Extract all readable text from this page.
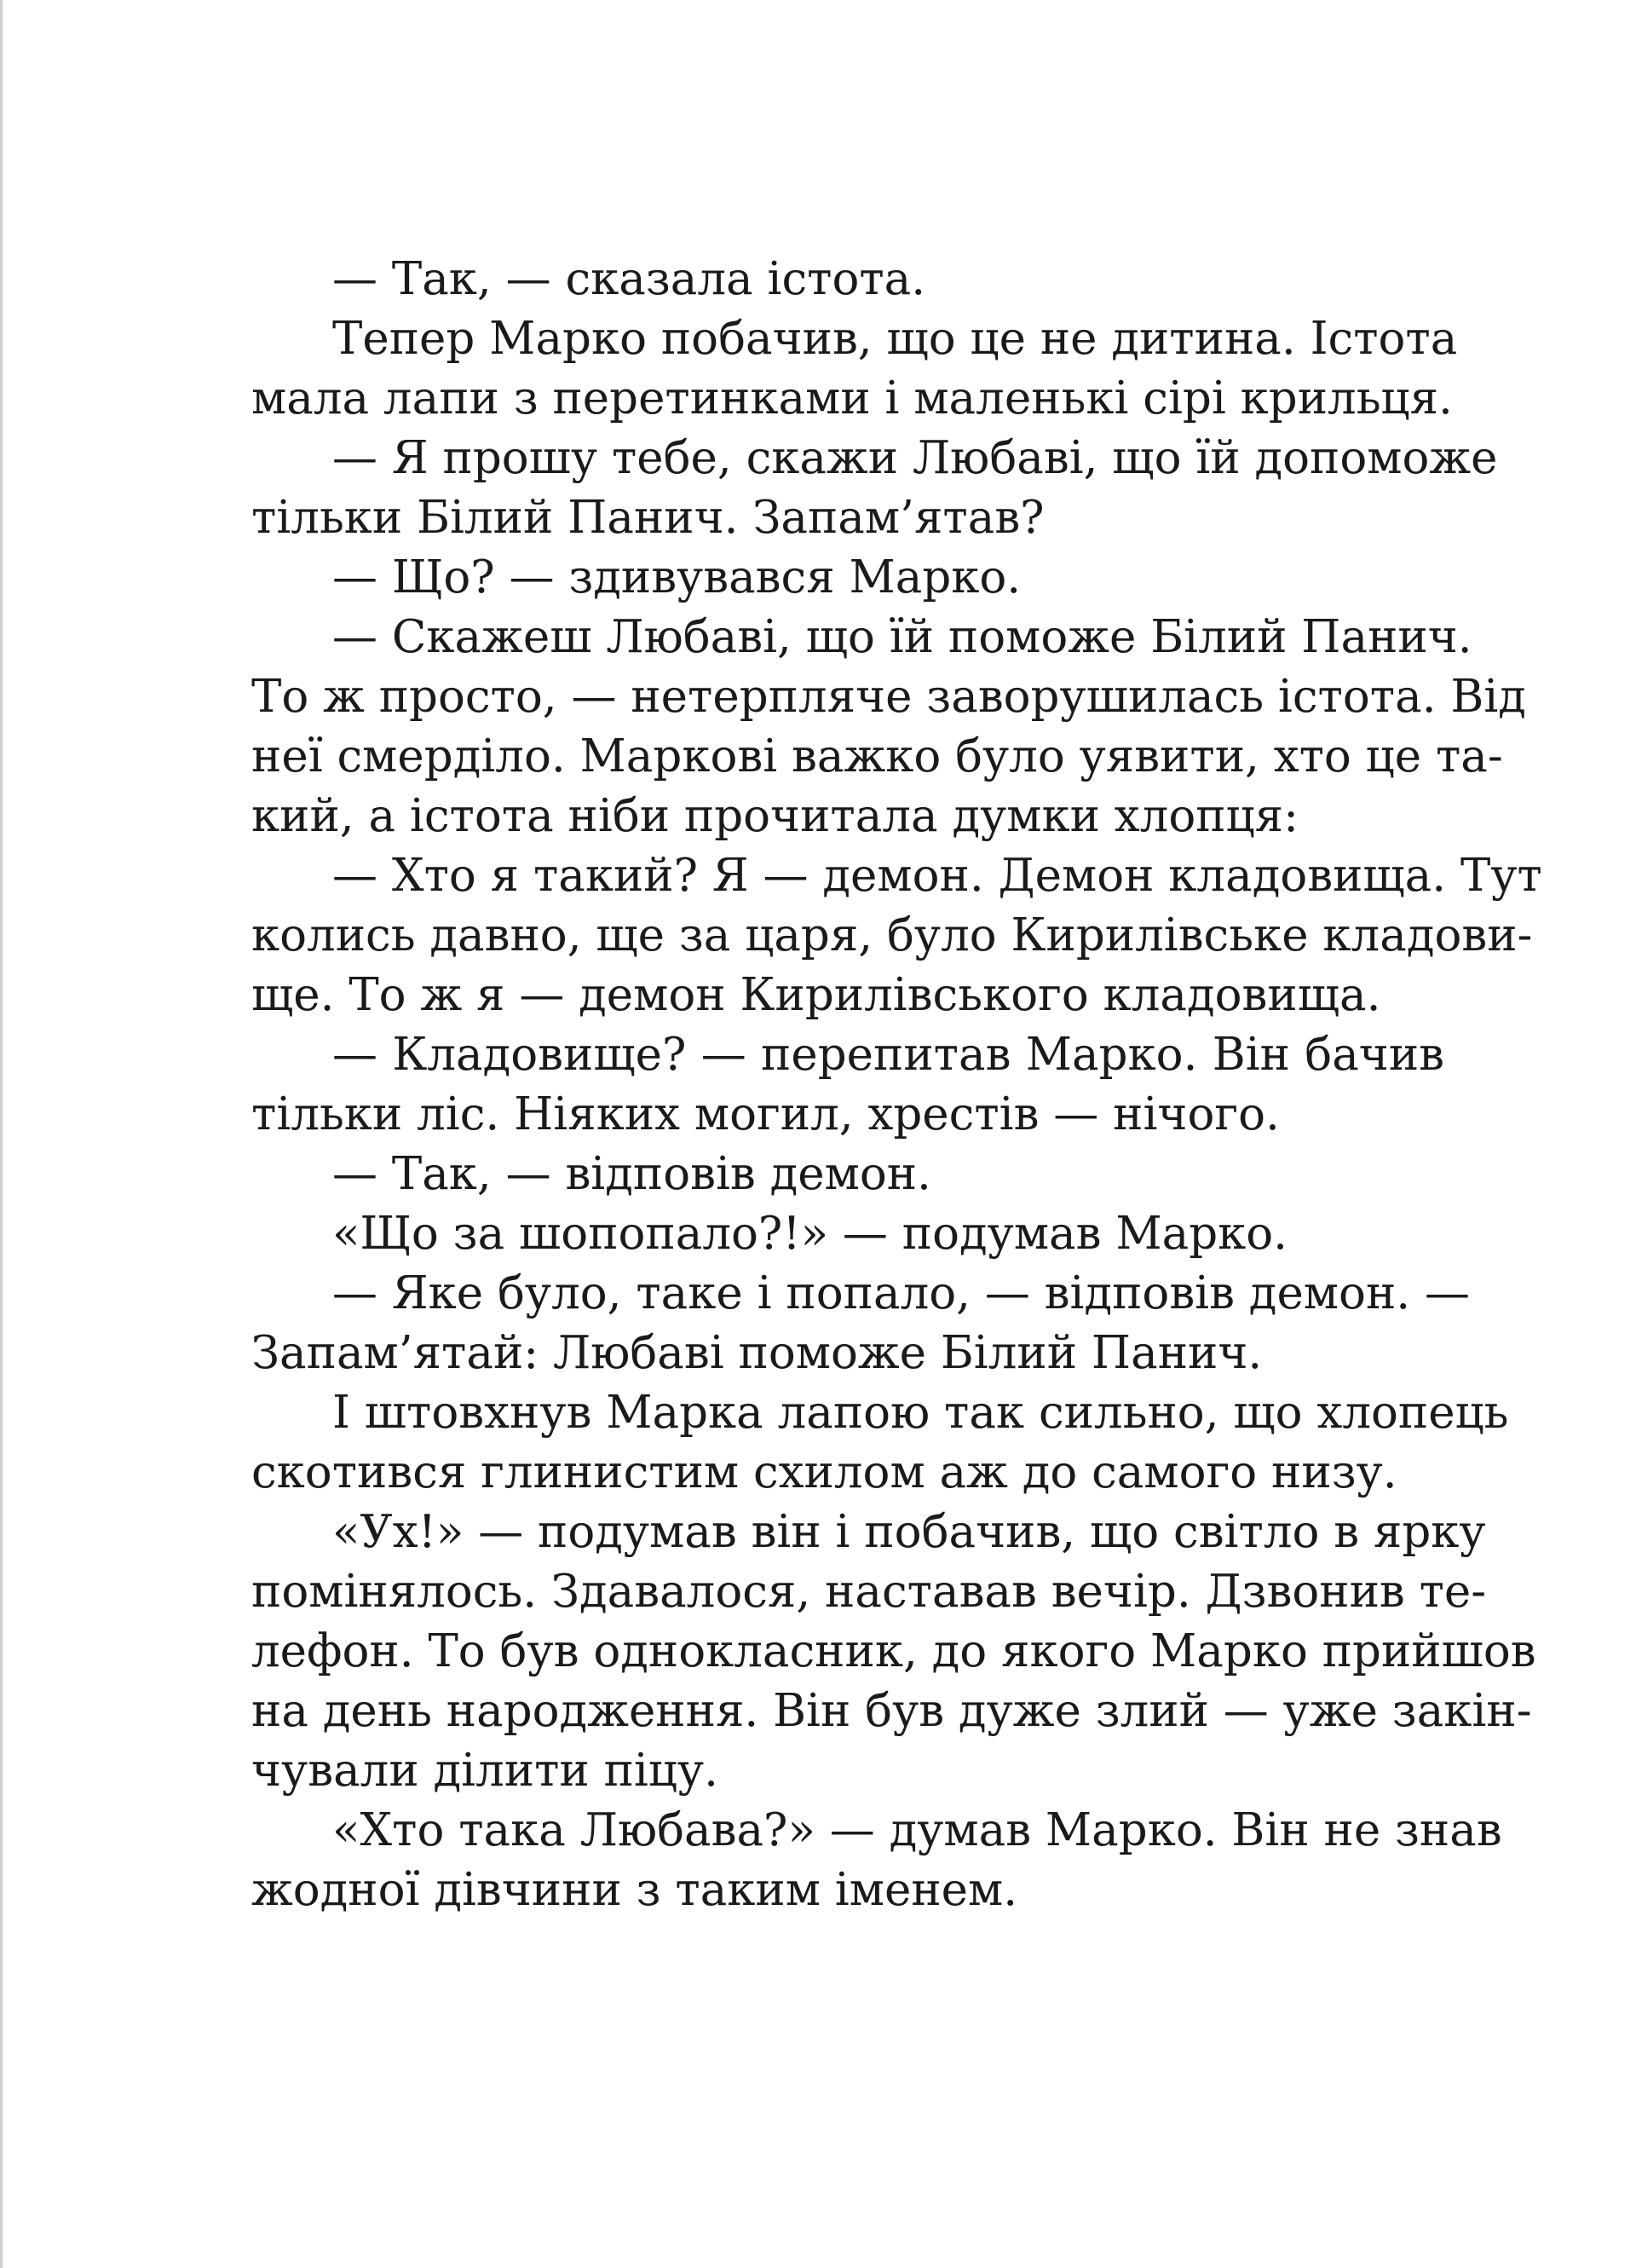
— Так, — сказала істота.
Тепер Марко побачив, що це не дитина. Істота
мала лапи з перетинками і маленькі сірі крильця.
— Я прошу тебе, скажи Любаві, що їй допоможе
тільки Білий Панич. Запам’ятав?
— Що? — здивувався Марко.
— Скажеш Любаві, що їй поможе Білий Панич.
То ж просто, — нетерпляче заворушилась істота. Від
неї смерділо. Маркові важко було уявити, хто це та-
кий, а істота ніби прочитала думки хлопця:
— Хто я такий? Я — демон. Демон кладовища. Тут
колись давно, ще за царя, було Кирилівське кладови-
ще. То ж я — демон Кирилівського кладовища.
— Кладовище? — перепитав Марко. Він бачив
тільки ліс. Ніяких могил, хрестів — нічого.
— Так, — відповів демон.
«Що за шопопало?!» — подумав Марко.
— Яке було, таке і попало, — відповів демон. —
Запам’ятай: Любаві поможе Білий Панич.
І штовхнув Марка лапою так сильно, що хлопець
скотився глинистим схилом аж до самого низу.
«Ух!» — подумав він і побачив, що світло в ярку
помінялось. Здавалося, наставав вечір. Дзвонив те-
лефон. То був однокласник, до якого Марко прийшов
на день народження. Він був дуже злий — уже закін-
чували ділити піцу.
«Хто така Любава?» — думав Марко. Він не знав
жодної дівчини з таким іменем.
